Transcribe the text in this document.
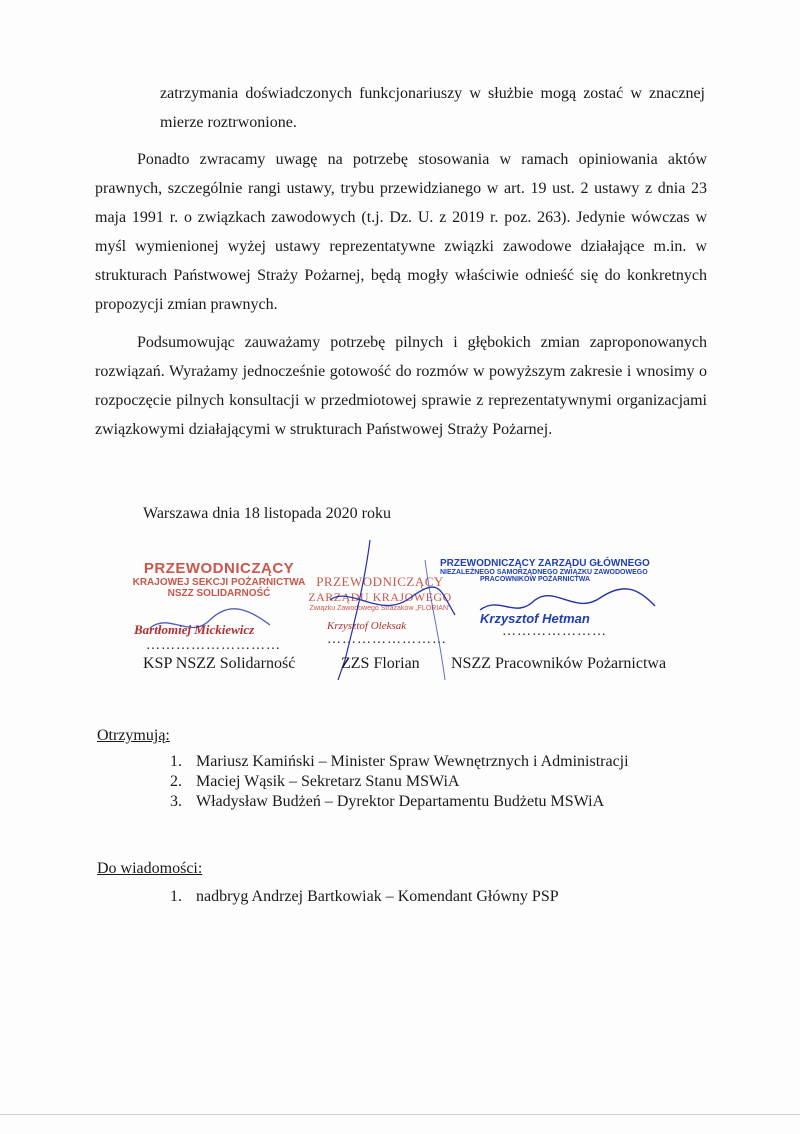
zatrzymania doświadczonych funkcjonariuszy w służbie mogą zostać w znacznej mierze roztrwonione.

Ponadto zwracamy uwagę na potrzebę stosowania w ramach opiniowania aktów prawnych, szczególnie rangi ustawy, trybu przewidzianego w art. 19 ust. 2 ustawy z dnia 23 maja 1991 r. o związkach zawodowych (t.j. Dz. U. z 2019 r. poz. 263). Jedynie wówczas w myśl wymienionej wyżej ustawy reprezentatywne związki zawodowe działające m.in. w strukturach Państwowej Straży Pożarnej, będą mogły właściwie odnieść się do konkretnych propozycji zmian prawnych.

Podsumowując zauważamy potrzebę pilnych i głębokich zmian zaproponowanych rozwiązań. Wyrażamy jednocześnie gotowość do rozmów w powyższym zakresie i wnosimy o rozpoczęcie pilnych konsultacji w przedmiotowej sprawie z reprezentatywnymi organizacjami związkowymi działającymi w strukturach Państwowej Straży Pożarnej.

Warszawa dnia 18 listopada 2020 roku
PRZEWODNICZĄCY
KRAJOWEJ SEKCJI POŻARNICTWA
NSZZ SOLIDARNOŚĆ
Bartłomiej Mickiewicz
………………………
PRZEWODNICZĄCY
ZARZĄDU KRAJOWEGO
Związku Zawodowego Strażaków „FLORIAN"
Krzysztof Oleksak
……………………
PRZEWODNICZĄCY ZARZĄDU GŁÓWNEGO
NIEZALEŻNEGO SAMORZĄDNEGO ZWIĄZKU ZAWODOWEGO
PRACOWNIKÓW POŻARNICTWA
Krzysztof Hetman
…………………
KSP NSZZ Solidarność	ZZS Florian NSZZ Pracowników Pożarnictwa
Otrzymują:
1. Mariusz Kamiński – Minister Spraw Wewnętrznych i Administracji
2. Maciej Wąsik – Sekretarz Stanu MSWiA
3. Władysław Budżeń – Dyrektor Departamentu Budżetu MSWiA
Do wiadomości:
1. nadbryg Andrzej Bartkowiak – Komendant Główny PSP
